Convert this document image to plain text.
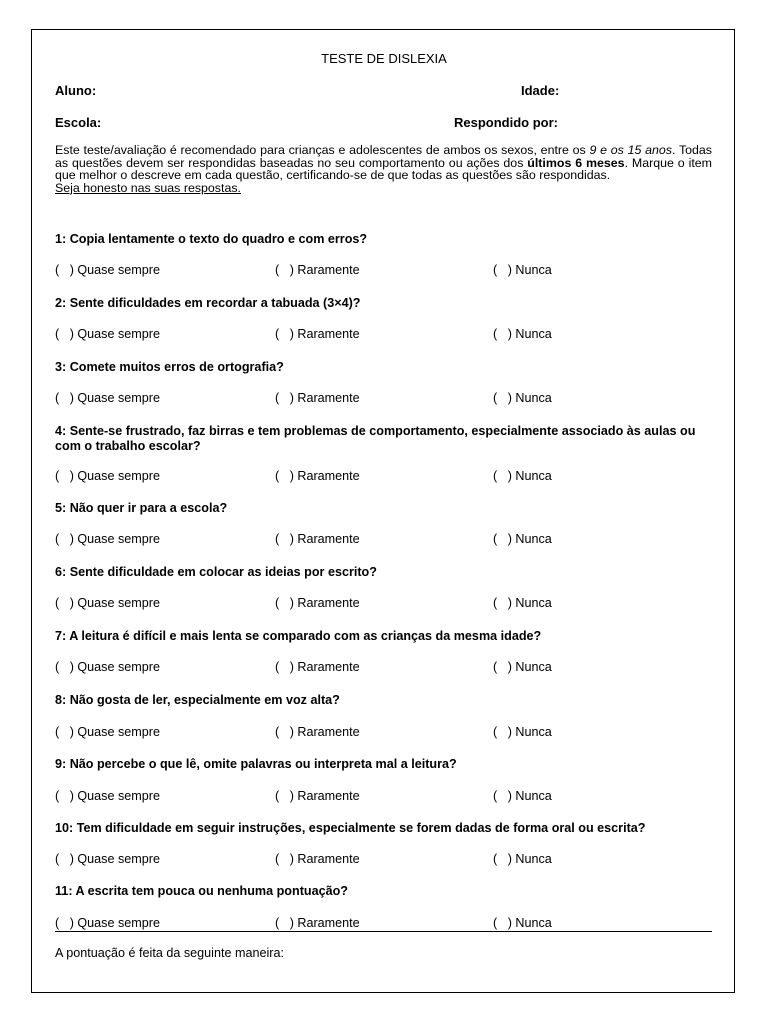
TESTE DE DISLEXIA
Aluno:	Idade:
Escola:	Respondido por:

Este teste/avaliação é recomendado para crianças e adolescentes de ambos os sexos, entre os 9 e os 15 anos. Todas as questões devem ser respondidas baseadas no seu comportamento ou ações dos últimos 6 meses. Marque o item que melhor o descreve em cada questão, certificando-se de que todas as questões são respondidas.

Seja honesto nas suas respostas.

1: Copia lentamente o texto do quadro e com erros?
(   ) Quase sempre	(   ) Raramente	(   ) Nunca
2: Sente dificuldades em recordar a tabuada (3×4)?
(   ) Quase sempre	(   ) Raramente	(   ) Nunca
3: Comete muitos erros de ortografia?
(   ) Quase sempre	(   ) Raramente	(   ) Nunca
4: Sente-se frustrado, faz birras e tem problemas de comportamento, especialmente associado às aulas ou com o trabalho escolar?
(   ) Quase sempre	(   ) Raramente	(   ) Nunca
5: Não quer ir para a escola?
(   ) Quase sempre	(   ) Raramente	(   ) Nunca
6: Sente dificuldade em colocar as ideias por escrito?
(   ) Quase sempre	(   ) Raramente	(   ) Nunca
7: A leitura é difícil e mais lenta se comparado com as crianças da mesma idade?
(   ) Quase sempre	(   ) Raramente	(   ) Nunca
8: Não gosta de ler, especialmente em voz alta?
(   ) Quase sempre	(   ) Raramente	(   ) Nunca
9: Não percebe o que lê, omite palavras ou interpreta mal a leitura?
(   ) Quase sempre	(   ) Raramente	(   ) Nunca
10: Tem dificuldade em seguir instruções, especialmente se forem dadas de forma oral ou escrita?
(   ) Quase sempre	(   ) Raramente	(   ) Nunca
11: A escrita tem pouca ou nenhuma pontuação?
(   ) Quase sempre	(   ) Raramente	(   ) Nunca
A pontuação é feita da seguinte maneira:
